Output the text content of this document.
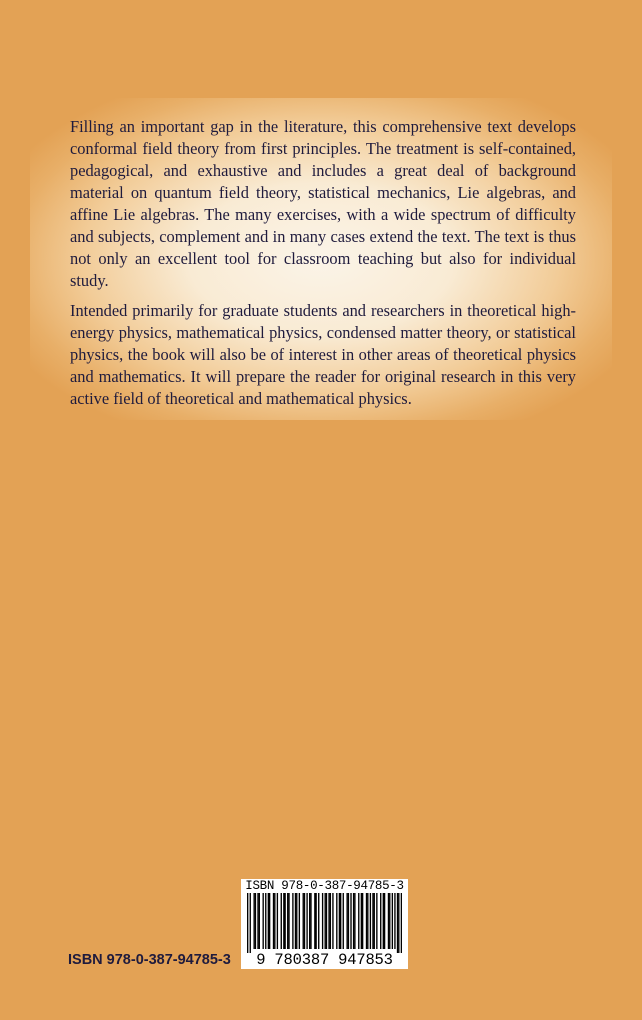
Filling an important gap in the literature, this comprehensive text develops conformal field theory from first principles. The treatment is self-contained, pedagogical, and exhaustive and includes a great deal of background material on quantum field theory, statistical mechanics, Lie algebras, and affine Lie algebras. The many exercises, with a wide spectrum of difficulty and subjects, complement and in many cases extend the text. The text is thus not only an excellent tool for classroom teaching but also for individual study.

Intended primarily for graduate students and researchers in theoretical high-energy physics, mathematical physics, condensed matter theory, or statistical physics, the book will also be of interest in other areas of theoretical physics and mathematics. It will prepare the reader for original research in this very active field of theoretical and mathematical physics.

ISBN 978-0-387-94785-3
9 780387 947853
ISBN 978-0-387-94785-3
